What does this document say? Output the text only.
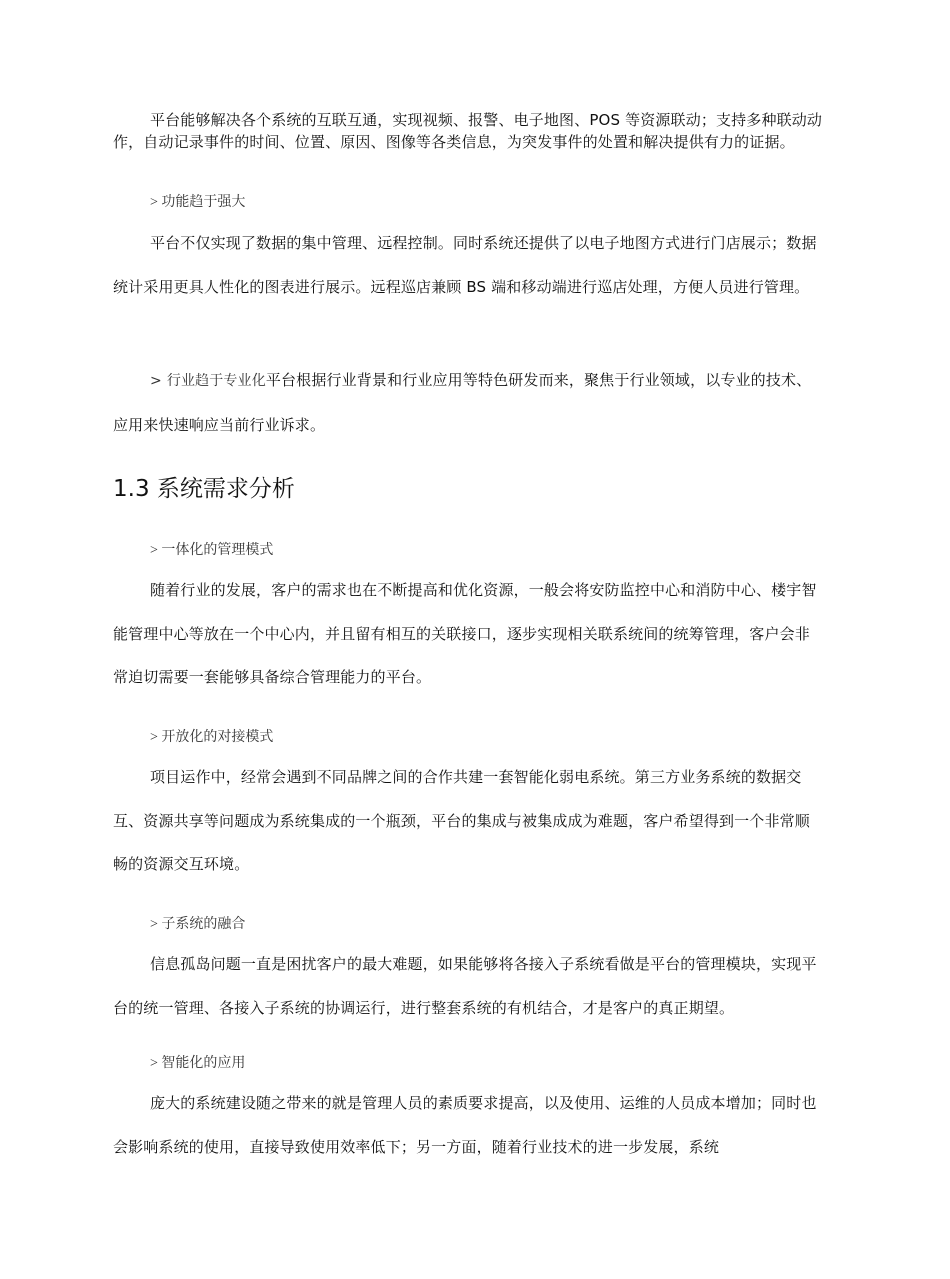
平台能够解决各个系统的互联互通，实现视频、报警、电子地图、POS 等资源联动；支持多种联动动作，自动记录事件的时间、位置、原因、图像等各类信息，为突发事件的处置和解决提供有力的证据。

> 功能趋于强大

平台不仅实现了数据的集中管理、远程控制。同时系统还提供了以电子地图方式进行门店展示；数据统计采用更具人性化的图表进行展示。远程巡店兼顾 BS 端和移动端进行巡店处理，方便人员进行管理。

> 行业趋于专业化平台根据行业背景和行业应用等特色研发而来，聚焦于行业领域，以专业的技术、应用来快速响应当前行业诉求。

1.3 系统需求分析

> 一体化的管理模式

随着行业的发展，客户的需求也在不断提高和优化资源，一般会将安防监控中心和消防中心、楼宇智能管理中心等放在一个中心内，并且留有相互的关联接口，逐步实现相关联系统间的统筹管理，客户会非常迫切需要一套能够具备综合管理能力的平台。

> 开放化的对接模式

项目运作中，经常会遇到不同品牌之间的合作共建一套智能化弱电系统。第三方业务系统的数据交互、资源共享等问题成为系统集成的一个瓶颈，平台的集成与被集成成为难题，客户希望得到一个非常顺畅的资源交互环境。

> 子系统的融合

信息孤岛问题一直是困扰客户的最大难题，如果能够将各接入子系统看做是平台的管理模块，实现平台的统一管理、各接入子系统的协调运行，进行整套系统的有机结合，才是客户的真正期望。

> 智能化的应用

庞大的系统建设随之带来的就是管理人员的素质要求提高，以及使用、运维的人员成本增加；同时也会影响系统的使用，直接导致使用效率低下；另一方面，随着行业技术的进一步发展，系统
